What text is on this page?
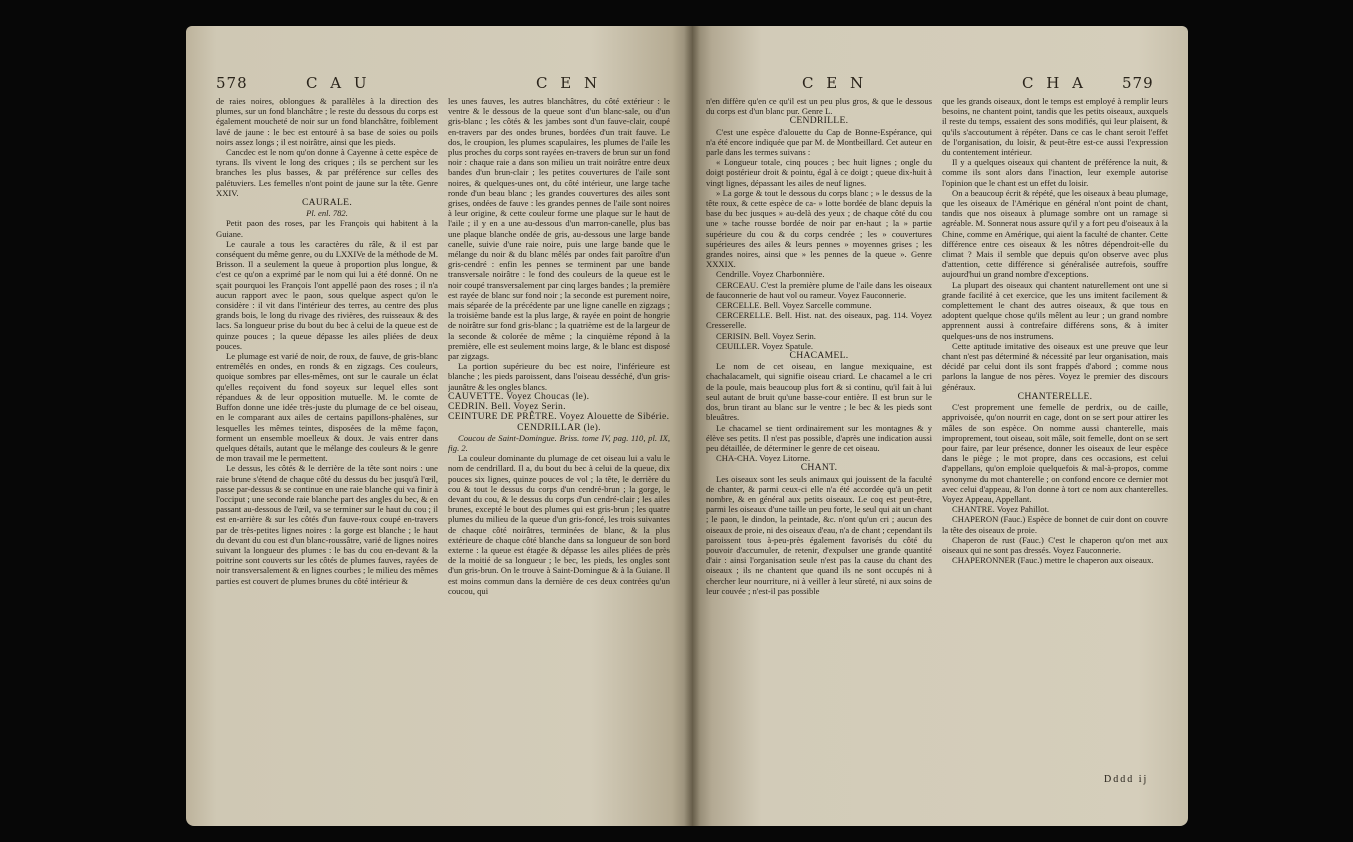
578	C A U	C E N

de raies noires, oblongues & parallèles à la direction des plumes, sur un fond blanchâtre ; le reste du dessous du corps est également moucheté de noir sur un fond blanchâtre, foiblement lavé de jaune : le bec est entouré à sa base de soies ou poils noirs assez longs ; il est noirâtre, ainsi que les pieds.

Cancdec est le nom qu'on donne à Cayenne à cette espèce de tyrans. Ils vivent le long des criques ; ils se perchent sur les branches les plus basses, & par préférence sur celles des palétuviers. Les femelles n'ont point de jaune sur la tête. Genre XXIV.

CAURALE.

Pl. enl. 782.

Petit paon des roses, par les François qui habitent à la Guiane.

Le caurale a tous les caractères du râle, & il est par conséquent du même genre, ou du LXXIVe de la méthode de M. Brisson. Il a seulement la queue à proportion plus longue, & c'est ce qu'on a exprimé par le nom qui lui a été donné. On ne sçait pourquoi les François l'ont appellé paon des roses ; il n'a aucun rapport avec le paon, sous quelque aspect qu'on le considère : il vit dans l'intérieur des terres, au centre des plus grands bois, le long du rivage des rivières, des ruisseaux & des lacs. Sa longueur prise du bout du bec à celui de la queue est de quinze pouces ; la queue dépasse les ailes pliées de deux pouces.

Le plumage est varié de noir, de roux, de fauve, de gris-blanc entremêlés en ondes, en ronds & en zigzags. Ces couleurs, quoique sombres par elles-mêmes, ont sur le caurale un éclat qu'elles reçoivent du fond soyeux sur lequel elles sont répandues & de leur opposition mutuelle. M. le comte de Buffon donne une idée très-juste du plumage de ce bel oiseau, en le comparant aux ailes de certains papillons-phalènes, sur lesquelles les mêmes teintes, disposées de la même façon, forment un ensemble moelleux & doux. Je vais entrer dans quelques détails, autant que le mélange des couleurs & le genre de mon travail me le permettent.

Le dessus, les côtés & le derrière de la tête sont noirs : une raie brune s'étend de chaque côté du dessus du bec jusqu'à l'œil, passe par-dessus & se continue en une raie blanche qui va finir à l'occiput ; une seconde raie blanche part des angles du bec, & en passant au-dessous de l'œil, va se terminer sur le haut du cou ; il est en-arrière & sur les côtés d'un fauve-roux coupé en-travers par de très-petites lignes noires : la gorge est blanche ; le haut du devant du cou est d'un blanc-roussâtre, varié de lignes noires suivant la longueur des plumes : le bas du cou en-devant & la poitrine sont couverts sur les côtés de plumes fauves, rayées de noir transversalement & en lignes courbes ; le milieu des mêmes parties est couvert de plumes brunes du côté intérieur &

les unes fauves, les autres blanchâtres, du côté extérieur : le ventre & le dessous de la queue sont d'un blanc-sale, ou d'un gris-blanc ; les côtés & les jambes sont d'un fauve-clair, coupé en-travers par des ondes brunes, bordées d'un trait fauve. Le dos, le croupion, les plumes scapulaires, les plumes de l'aile les plus proches du corps sont rayées en-travers de brun sur un fond noir : chaque raie a dans son milieu un trait noirâtre entre deux bandes d'un brun-clair ; les petites couvertures de l'aile sont noires, & quelques-unes ont, du côté intérieur, une large tache ronde d'un beau blanc ; les grandes couvertures des ailes sont grises, ondées de fauve : les grandes pennes de l'aile sont noires à leur origine, & cette couleur forme une plaque sur le haut de l'aile ; il y en a une au-dessous d'un marron-canelle, plus bas une plaque blanche ondée de gris, au-dessous une large bande canelle, suivie d'une raie noire, puis une large bande que le mélange du noir & du blanc mêlés par ondes fait paroître d'un gris-cendré : enfin les pennes se terminent par une bande transversale noirâtre : le fond des couleurs de la queue est le noir coupé transversalement par cinq larges bandes ; la première est rayée de blanc sur fond noir ; la seconde est purement noire, mais séparée de la précédente par une ligne canelle en zigzags ; la troisième bande est la plus large, & rayée en point de hongrie de noirâtre sur fond gris-blanc ; la quatrième est de la largeur de la seconde & colorée de même ; la cinquième répond à la première, elle est seulement moins large, & le blanc est disposé par zigzags.

La portion supérieure du bec est noire, l'inférieure est blanche ; les pieds paroissent, dans l'oiseau desséché, d'un gris-jaunâtre & les ongles blancs.

CAUVETTE. Voyez Choucas (le).

CEDRIN. Bell. Voyez Serin.

CEINTURE DE PRÊTRE. Voyez Alouette de Sibérie.

CENDRILLAR (le).

Coucou de Saint-Domingue. Briss. tome IV, pag. 110, pl. IX, fig. 2.

La couleur dominante du plumage de cet oiseau lui a valu le nom de cendrillard. Il a, du bout du bec à celui de la queue, dix pouces six lignes, quinze pouces de vol ; la tête, le derrière du cou & tout le dessus du corps d'un cendré-brun ; la gorge, le devant du cou, & le dessus du corps d'un cendré-clair ; les ailes brunes, excepté le bout des plumes qui est gris-brun ; les quatre plumes du milieu de la queue d'un gris-foncé, les trois suivantes de chaque côté noirâtres, terminées de blanc, & la plus extérieure de chaque côté blanche dans sa longueur de son bord externe : la queue est étagée & dépasse les ailes pliées de près de la moitié de sa longueur ; le bec, les pieds, les ongles sont d'un gris-brun. On le trouve à Saint-Domingue & à la Guiane. Il est moins commun dans la dernière de ces deux contrées qu'un coucou, qui

C E N	C H A 579

n'en diffère qu'en ce qu'il est un peu plus gros, & que le dessous du corps est d'un blanc pur. Genre L.

CENDRILLE.

C'est une espèce d'alouette du Cap de Bonne-Espérance, qui n'a été encore indiquée que par M. de Montbeillard. Cet auteur en parle dans les termes suivans :

« Longueur totale, cinq pouces ; bec huit lignes ; ongle du doigt postérieur droit & pointu, égal à ce doigt ; queue dix-huit à vingt lignes, dépassant les ailes de neuf lignes.

» La gorge & tout le dessous du corps blanc ; » le dessus de la tête roux, & cette espèce de ca- » lotte bordée de blanc depuis la base du bec jusques » au-delà des yeux ; de chaque côté du cou une » tache rousse bordée de noir par en-haut ; la » partie supérieure du cou & du corps cendrée ; les » couvertures supérieures des ailes & leurs pennes » moyennes grises ; les grandes noires, ainsi que » les pennes de la queue ». Genre XXXIX.

Cendrille. Voyez Charbonnière.

CERCEAU. C'est la première plume de l'aile dans les oiseaux de fauconnerie de haut vol ou rameur. Voyez Fauconnerie.

CERCELLE. Bell. Voyez Sarcelle commune.

CERCERELLE. Bell. Hist. nat. des oiseaux, pag. 114. Voyez Cresserelle.

CERISIN. Bell. Voyez Serin.

CEUILLER. Voyez Spatule.

CHACAMEL.

Le nom de cet oiseau, en langue mexiquaine, est chachalacamelt, qui signifie oiseau criard. Le chacamel a le cri de la poule, mais beaucoup plus fort & si continu, qu'il fait à lui seul autant de bruit qu'une basse-cour entière. Il est brun sur le dos, brun tirant au blanc sur le ventre ; le bec & les pieds sont bleuâtres.

Le chacamel se tient ordinairement sur les montagnes & y élève ses petits. Il n'est pas possible, d'après une indication aussi peu détaillée, de déterminer le genre de cet oiseau.

CHA-CHA. Voyez Litorne.

CHANT.

Les oiseaux sont les seuls animaux qui jouissent de la faculté de chanter, & parmi ceux-ci elle n'a été accordée qu'à un petit nombre, & en général aux petits oiseaux. Le coq est peut-être, parmi les oiseaux d'une taille un peu forte, le seul qui ait un chant ; le paon, le dindon, la peintade, &c. n'ont qu'un cri ; aucun des oiseaux de proie, ni des oiseaux d'eau, n'a de chant ; cependant ils paroissent tous à-peu-près également favorisés du côté du pouvoir d'accumuler, de retenir, d'expulser une grande quantité d'air : ainsi l'organisation seule n'est pas la cause du chant des oiseaux ; ils ne chantent que quand ils ne sont occupés ni à chercher leur nourriture, ni à veiller à leur sûreté, ni aux soins de leur couvée ; n'est-il pas possible

que les grands oiseaux, dont le temps est employé à remplir leurs besoins, ne chantent point, tandis que les petits oiseaux, auxquels il reste du temps, essaient des sons modifiés, qui leur plaisent, & qu'ils s'accoutument à répéter. Dans ce cas le chant seroit l'effet de l'organisation, du loisir, & peut-être est-ce aussi l'expression du contentement intérieur.

Il y a quelques oiseaux qui chantent de préférence la nuit, & comme ils sont alors dans l'inaction, leur exemple autorise l'opinion que le chant est un effet du loisir.

On a beaucoup écrit & répété, que les oiseaux à beau plumage, que les oiseaux de l'Amérique en général n'ont point de chant, tandis que nos oiseaux à plumage sombre ont un ramage si agréable. M. Sonnerat nous assure qu'il y a fort peu d'oiseaux à la Chine, comme en Amérique, qui aient la faculté de chanter. Cette différence entre ces oiseaux & les nôtres dépendroit-elle du climat ? Mais il semble que depuis qu'on observe avec plus d'attention, cette différence si généralisée autrefois, souffre aujourd'hui un grand nombre d'exceptions.

La plupart des oiseaux qui chantent naturellement ont une si grande facilité à cet exercice, que les uns imitent facilement & complettement le chant des autres oiseaux, & que tous en adoptent quelque chose qu'ils mêlent au leur ; un grand nombre apprennent aussi à contrefaire différens sons, & à imiter quelques-uns de nos instrumens.

Cette aptitude imitative des oiseaux est une preuve que leur chant n'est pas déterminé & nécessité par leur organisation, mais décidé par celui dont ils sont frappés d'abord ; comme nous parlons la langue de nos pères. Voyez le premier des discours généraux.

CHANTERELLE.

C'est proprement une femelle de perdrix, ou de caille, apprivoisée, qu'on nourrit en cage, dont on se sert pour attirer les mâles de son espèce. On nomme aussi chanterelle, mais improprement, tout oiseau, soit mâle, soit femelle, dont on se sert pour faire, par leur présence, donner les oiseaux de leur espèce dans le piège ; le mot propre, dans ces occasions, est celui d'appellans, qu'on emploie quelquefois & mal-à-propos, comme synonyme du mot chanterelle ; on confond encore ce dernier mot avec celui d'appeau, & l'on donne à tort ce nom aux chanterelles. Voyez Appeau, Appellant.

CHANTRE. Voyez Pahillot.

CHAPERON (Fauc.) Espèce de bonnet de cuir dont on couvre la tête des oiseaux de proie.

Chaperon de rust (Fauc.) C'est le chaperon qu'on met aux oiseaux qui ne sont pas dressés. Voyez Fauconnerie.

CHAPERONNER (Fauc.) mettre le chaperon aux oiseaux.

Dddd ij
